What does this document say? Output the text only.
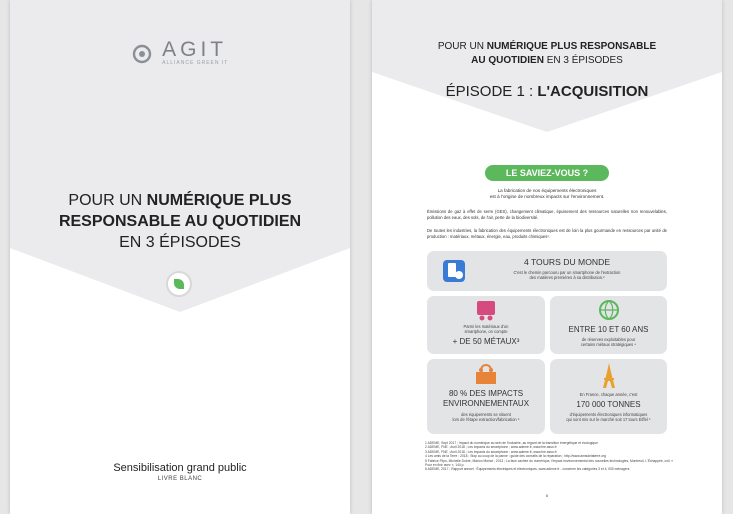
AGIT
ALLIANCE GREEN IT
POUR UN NUMÉRIQUE PLUS
RESPONSABLE AU QUOTIDIEN
EN 3 ÉPISODES
Sensibilisation grand public
LIVRE BLANC
POUR UN NUMÉRIQUE PLUS RESPONSABLE
AU QUOTIDIEN EN 3 ÉPISODES
ÉPISODE 1 : L'ACQUISITION
LE SAVIEZ-VOUS ?
La fabrication de nos équipements électroniques
est à l'origine de nombreux impacts sur l'environnement.
Émissions de gaz à effet de serre (GES), changement climatique, épuisement des ressources naturelles non renouvelables, pollution des eaux, des sols, de l'air, perte de la biodiversité.
De toutes les industries, la fabrication des équipements électroniques est de loin la plus gourmande en ressources par unité de production : matériaux, métaux, énergie, eau, produits chimiques¹.
4 TOURS DU MONDE
C'est le chemin parcouru par un smartphone de l'extraction
des matières premières à sa distribution.²
Parmi les matériaux d'un
smartphone, on compte
+ DE 50 MÉTAUX³
ENTRE 10 ET 60 ANS
de réserves exploitables pour
certains métaux stratégiques ⁴
80 % DES IMPACTS
ENVIRONNEMENTAUX
des équipements se situent
lors de l'étape extraction/fabrication ⁵
En France, chaque année, c'est
170 000 TONNES
d'équipements électroniques informatiques
qui sont mis sur le marché soit 17 tours Eiffel ⁶
1 ADEME, Sept 2017 ; Impact du numérique au sein de l'industrie, au regard de la transition énergétique et écologique
2 ADEME, FNE ; Avril 2018 ; Les impacts du smartphone ; www.ademe.fr, www.fne.asso.fr
3 ADEME, FNE ; Avril 2018 ; Les impacts du smartphone ; www.ademe.fr, www.fne.asso.fr
4 Les amis de la Terre ; 2018 ; Stop au coup de la panne : guide des conseils de la réparation ; http://www.amisdelaterre.org
5 Fabrice Flipo, Michelle Dobré, Marion Michot ; 2013 ; La face cachée du numérique, l'impact environnemental des nouvelles technologies, Montreuil, L'Échappée, coll. « Pour en finir avec », 144 p.
6 ADEME, 2017 ; Rapport annuel : Équipements électriques et électroniques, www.ademe.fr - concerne les catégories 3 et 4, 000 ménagers
8
